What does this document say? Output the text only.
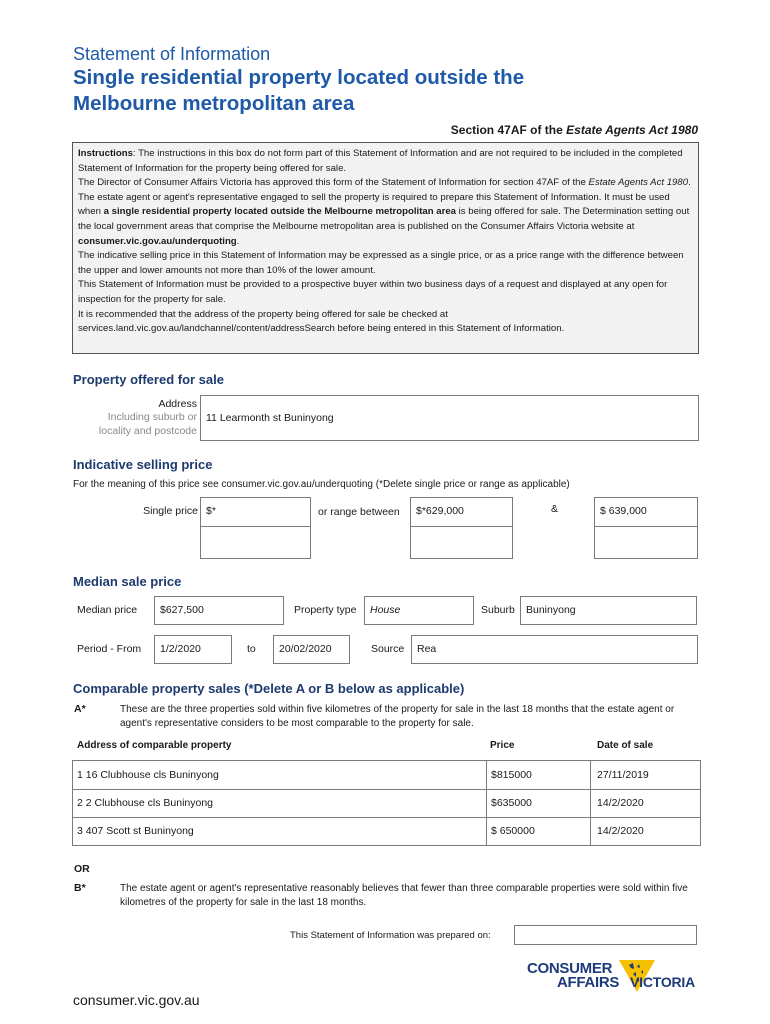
Statement of Information
Single residential property located outside the
Melbourne metropolitan area
Section 47AF of the Estate Agents Act 1980

Instructions: The instructions in this box do not form part of this Statement of Information and are not required to be included in the completed Statement of Information for the property being offered for sale.

The Director of Consumer Affairs Victoria has approved this form of the Statement of Information for section 47AF of the Estate Agents Act 1980.

The estate agent or agent's representative engaged to sell the property is required to prepare this Statement of Information. It must be used when a single residential property located outside the Melbourne metropolitan area is being offered for sale. The Determination setting out the local government areas that comprise the Melbourne metropolitan area is published on the Consumer Affairs Victoria website at consumer.vic.gov.au/underquoting.

The indicative selling price in this Statement of Information may be expressed as a single price, or as a price range with the difference between the upper and lower amounts not more than 10% of the lower amount.

This Statement of Information must be provided to a prospective buyer within two business days of a request and displayed at any open for inspection for the property for sale.

It is recommended that the address of the property being offered for sale be checked at services.land.vic.gov.au/landchannel/content/addressSearch before being entered in this Statement of Information.

Property offered for sale
Address
Including suburb or
locality and postcode
11 Learmonth st Buninyong
Indicative selling price
For the meaning of this price see consumer.vic.gov.au/underquoting (*Delete single price or range as applicable)
Single price $*	or range between $*629,000	&	$ 639,000
Median sale price
Median price $627,500	Property type House	Suburb Buninyong
Period - From 1/2/2020	to 20/02/2020	Source Rea
Comparable property sales (*Delete A or B below as applicable)
A*	These are the three properties sold within five kilometres of the property for sale in the last 18 months that the estate agent or agent's representative considers to be most comparable to the property for sale.
Address of comparable property	Price	Date of sale
1 16 Clubhouse cls Buninyong	$815000	27/11/2019
2 2 Clubhouse cls Buninyong	$635000	14/2/2020
3 407 Scott st Buninyong	$ 650000	14/2/2020
OR
B*	The estate agent or agent's representative reasonably believes that fewer than three comparable properties were sold within five kilometres of the property for sale in the last 18 months.
This Statement of Information was prepared on:
consumer.vic.gov.au
CONSUMER
AFFAIRS VICTORIA
